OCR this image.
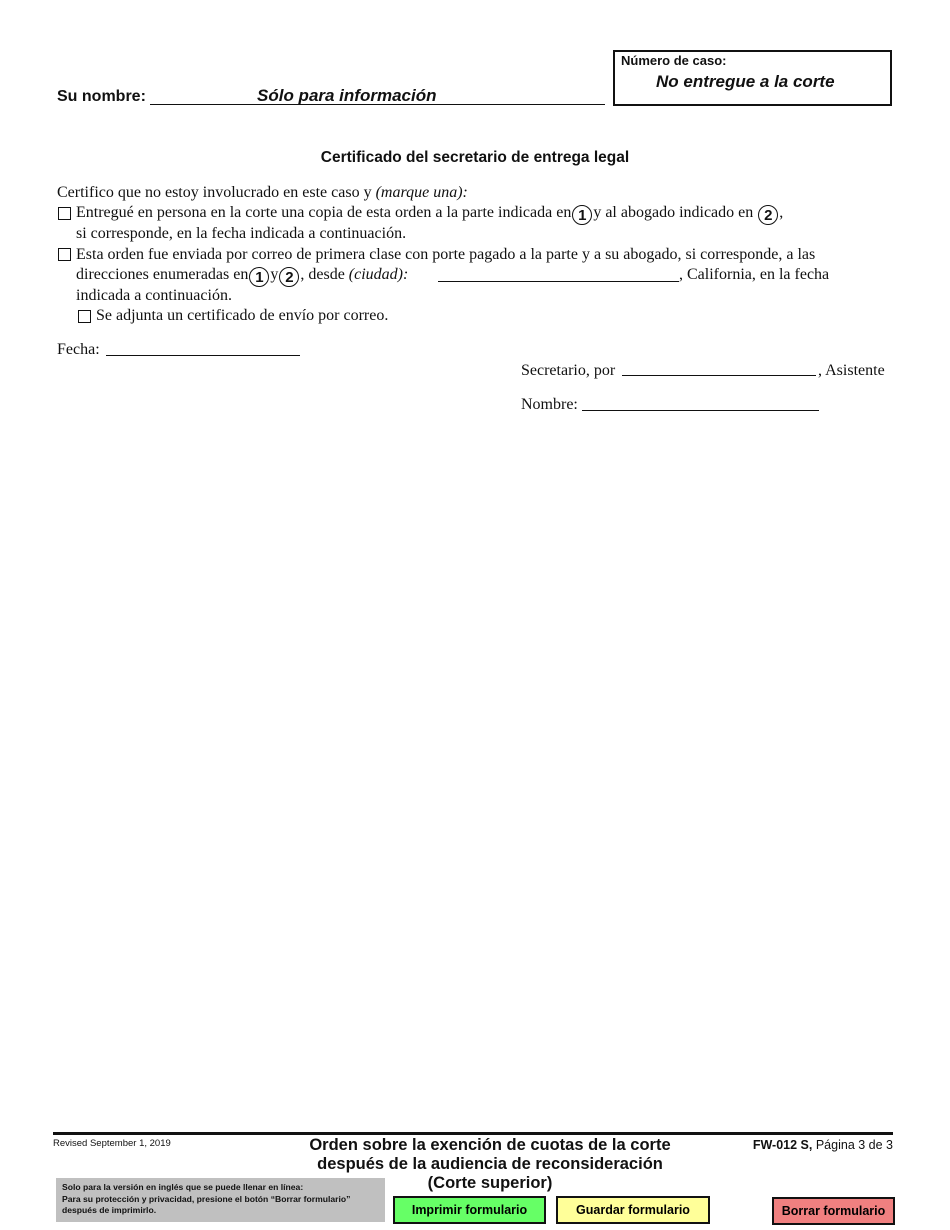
Su nombre:	Sólo para información
Número de caso:
No entregue a la corte
Certificado del secretario de entrega legal
Certifico que no estoy involucrado en este caso y (marque una):
Entregué en persona en la corte una copia de esta orden a la parte indicada en 1 y al abogado indicado en 2 ,
si corresponde, en la fecha indicada a continuación.
Esta orden fue enviada por correo de primera clase con porte pagado a la parte y a su abogado, si corresponde, a las
direcciones enumeradas en 1 y 2 , desde (ciudad):	, California, en la fecha
indicada a continuación.
Se adjunta un certificado de envío por correo.
Fecha:
Secretario, por	, Asistente
Nombre:
Revised September 1, 2019	Orden sobre la exención de cuotas de la corte
después de la audiencia de reconsideración
(Corte superior)
FW-012 S, Página 3 de 3
Solo para la versión en inglés que se puede llenar en línea:
Para su protección y privacidad, presione el botón “Borrar formulario”
después de imprimirlo.	Imprimir formulario	Guardar formulario	Borrar formulario
